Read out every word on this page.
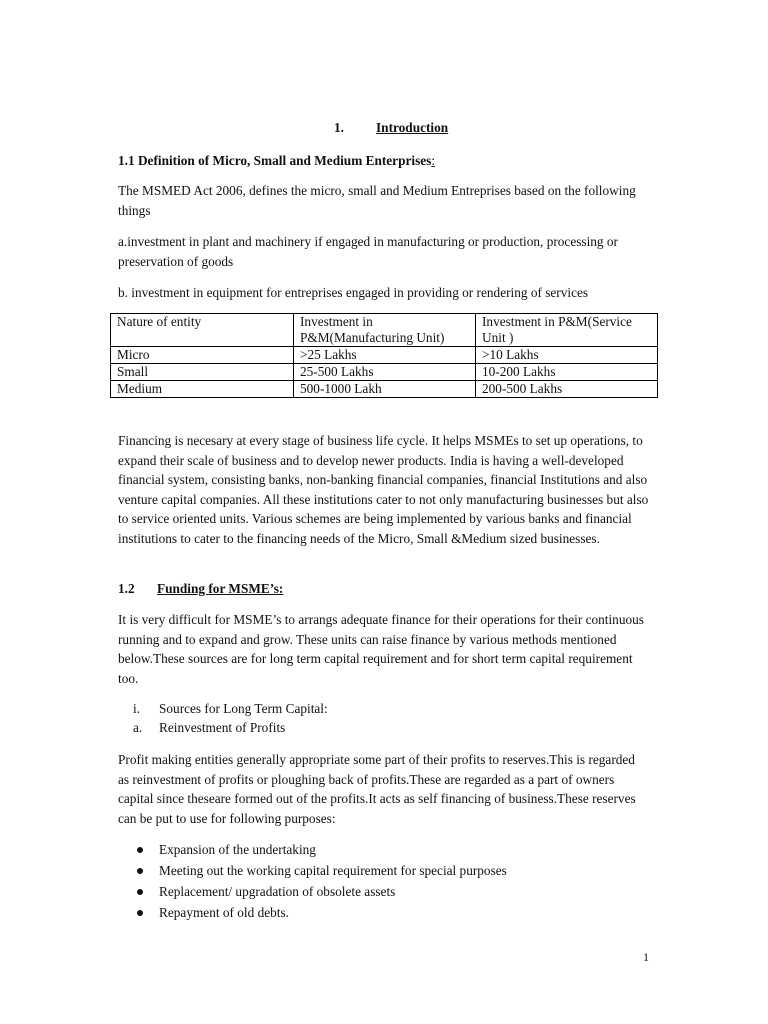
1. Introduction
1.1 Definition of Micro, Small and Medium Enterprises:

The MSMED Act 2006, defines the micro, small and Medium Entreprises based on the following things

a.investment in plant and machinery if engaged in manufacturing or production, processing or preservation of goods

b. investment in equipment for entreprises engaged in providing or rendering of services

Nature of entity	Investment in P&M(Manufacturing Unit)	Investment in P&M(Service Unit )
Micro	>25 Lakhs	>10 Lakhs
Small	25-500 Lakhs	10-200 Lakhs
Medium	500-1000 Lakh	200-500 Lakhs

Financing is necesary at every stage of business life cycle. It helps MSMEs to set up operations, to expand their scale of business and to develop newer products. India is having a well-developed financial system, consisting banks, non-banking financial companies, financial Institutions and also venture capital companies. All these institutions cater to not only manufacturing businesses but also to service oriented units. Various schemes are being implemented by various banks and financial institutions to cater to the financing needs of the Micro, Small &Medium sized businesses.

1.2 Funding for MSME’s:

It is very difficult for MSME’s to arrangs adequate finance for their operations for their continuous running and to expand and grow. These units can raise finance by various methods mentioned below.These sources are for long term capital requirement and for short term capital requirement too.

i. Sources for Long Term Capital:
a. Reinvestment of Profits

Profit making entities generally appropriate some part of their profits to reserves.This is regarded as reinvestment of profits or ploughing back of profits.These are regarded as a part of owners capital since theseare formed out of the profits.It acts as self financing of business.These reserves can be put to use for following purposes:

Expansion of the undertaking
Meeting out the working capital requirement for special purposes
Replacement/ upgradation of obsolete assets
Repayment of old debts.
1
